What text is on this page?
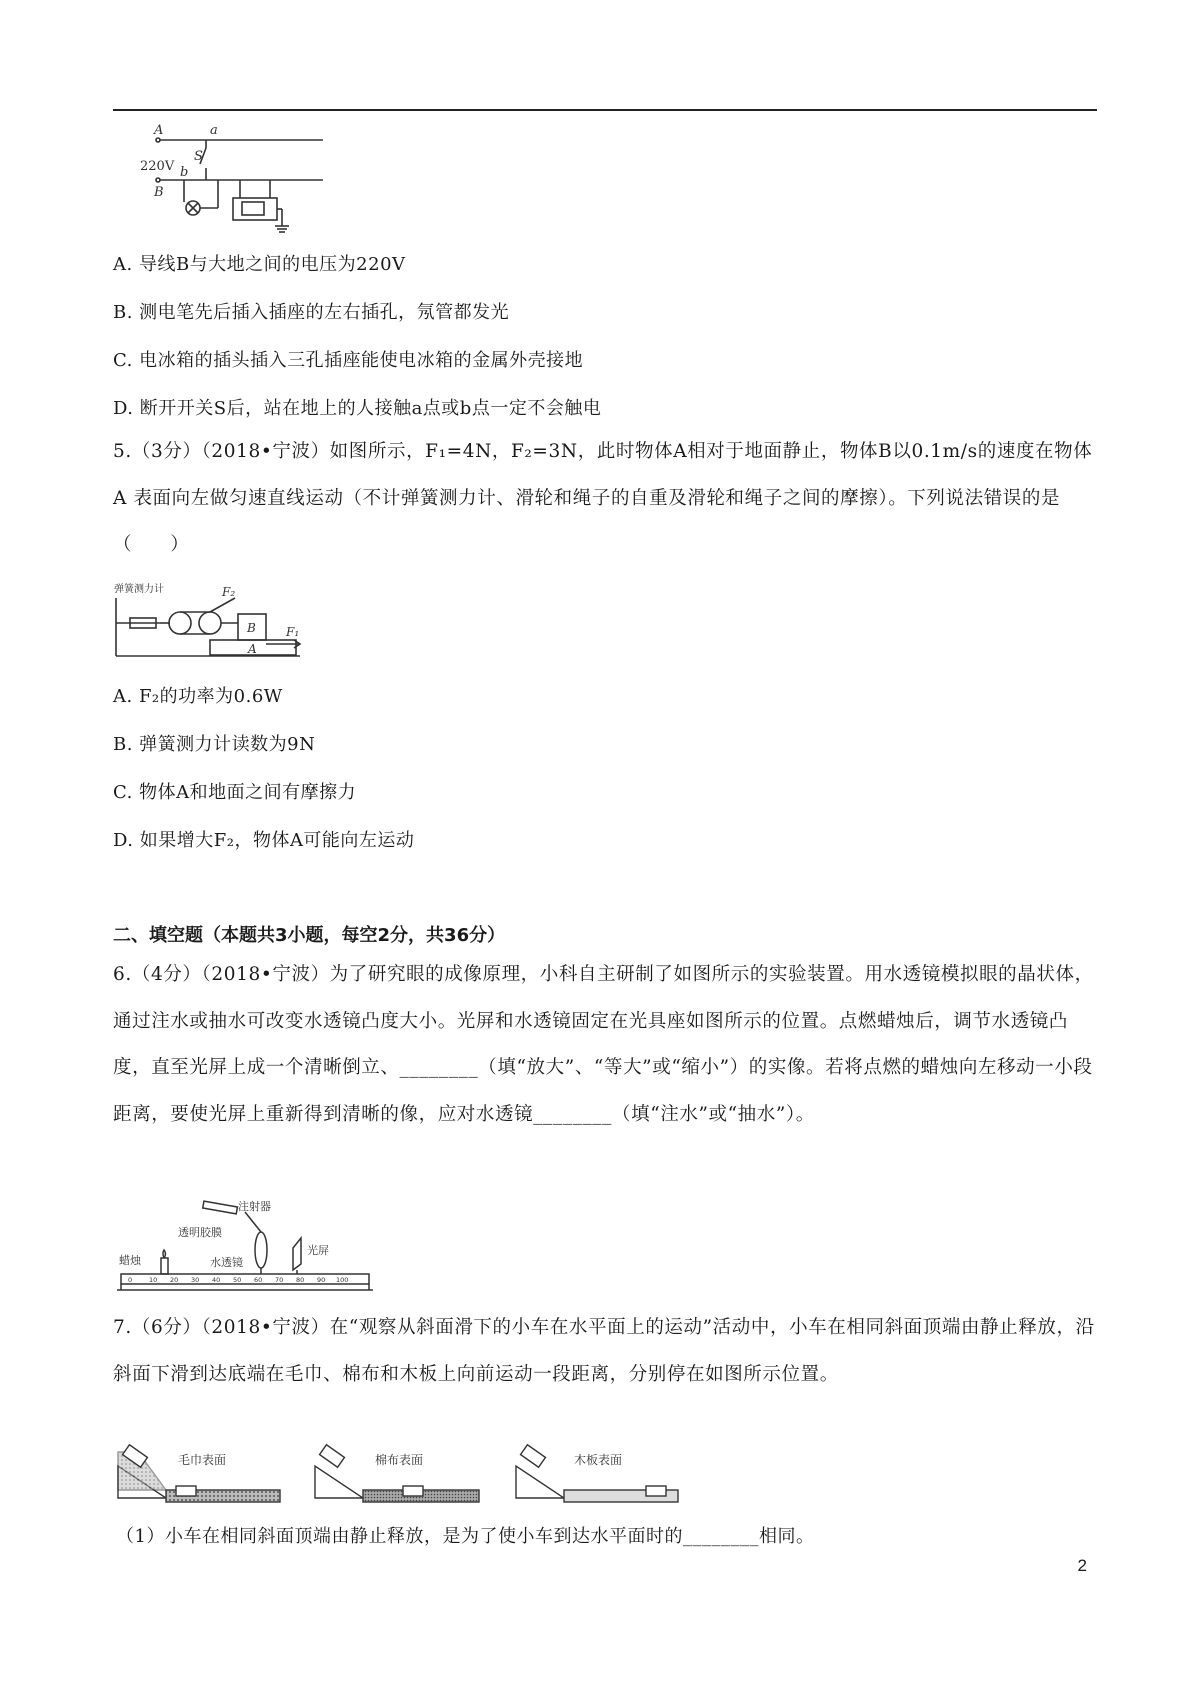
A	a
S
220V b
B
A. 导线B与大地之间的电压为220V
B. 测电笔先后插入插座的左右插孔，氖管都发光
C. 电冰箱的插头插入三孔插座能使电冰箱的金属外壳接地
D. 断开开关S后，站在地上的人接触a点或b点一定不会触电
5.（3分）（2018•宁波）如图所示，F₁=4N，F₂=3N，此时物体A相对于地面静止，物体B以0.1m/s的速度在物体 A 表面向左做匀速直线运动（不计弹簧测力计、滑轮和绳子的自重及滑轮和绳子之间的摩擦）。下列说法错误的是（　　）
弹簧测力计	F₂
B
A
F₁
A. F₂的功率为0.6W
B. 弹簧测力计读数为9N
C. 物体A和地面之间有摩擦力
D. 如果增大F₂，物体A可能向左运动
二、填空题（本题共3小题，每空2分，共36分）
6.（4分）（2018•宁波）为了研究眼的成像原理，小科自主研制了如图所示的实验装置。用水透镜模拟眼的晶状体，通过注水或抽水可改变水透镜凸度大小。光屏和水透镜固定在光具座如图所示的位置。点燃蜡烛后，调节水透镜凸度，直至光屏上成一个清晰倒立、________（填“放大”、“等大”或“缩小”）的实像。若将点燃的蜡烛向左移动一小段距离，要使光屏上重新得到清晰的像，应对水透镜________（填“注水”或“抽水”）。
注射器
透明胶膜
蜡烛	水透镜
光屏
0	10 20 30 40 50 60 70 80 90 100
7.（6分）（2018•宁波）在“观察从斜面滑下的小车在水平面上的运动”活动中，小车在相同斜面顶端由静止释放，沿斜面下滑到达底端在毛巾、棉布和木板上向前运动一段距离，分别停在如图所示位置。
毛巾表面	棉布表面	木板表面
（1）小车在相同斜面顶端由静止释放，是为了使小车到达水平面时的________相同。
2
